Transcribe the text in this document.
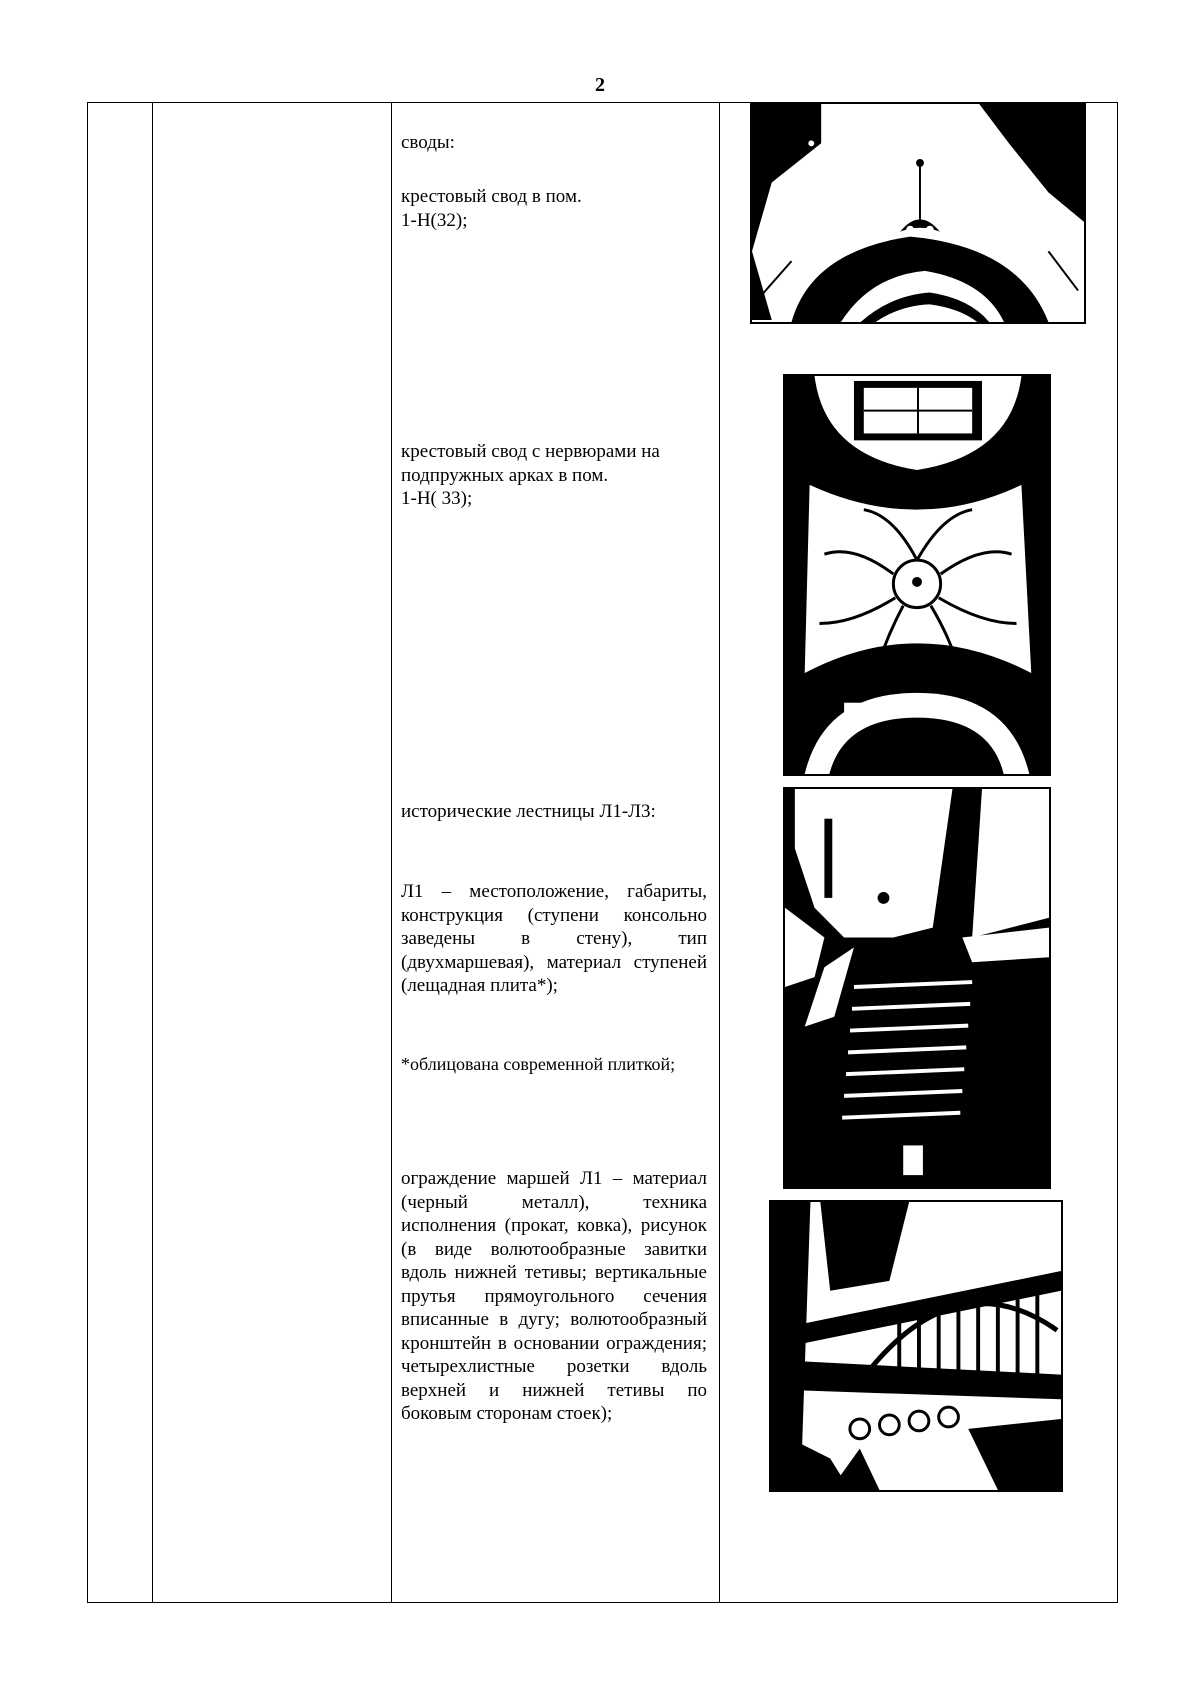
2
своды:
крестовый свод в пом.
1-Н(32);
крестовый свод с нервюрами на подпружных арках в пом.
1-Н( 33);
исторические лестницы Л1-Л3:
Л1 – местоположение, габариты, конструкция (ступени консольно заведены в стену), тип (двухмаршевая), материал ступеней (лещадная плита*);
*облицована современной плиткой;
ограждение маршей Л1 – материал (черный металл), техника исполнения (прокат, ковка), рисунок (в виде волютообразные завитки вдоль нижней тетивы; вертикальные прутья прямоугольного сечения вписанные в дугу; волютообразный кронштейн в основании ограждения; четырехлистные розетки вдоль верхней и нижней тетивы по боковым сторонам стоек);
